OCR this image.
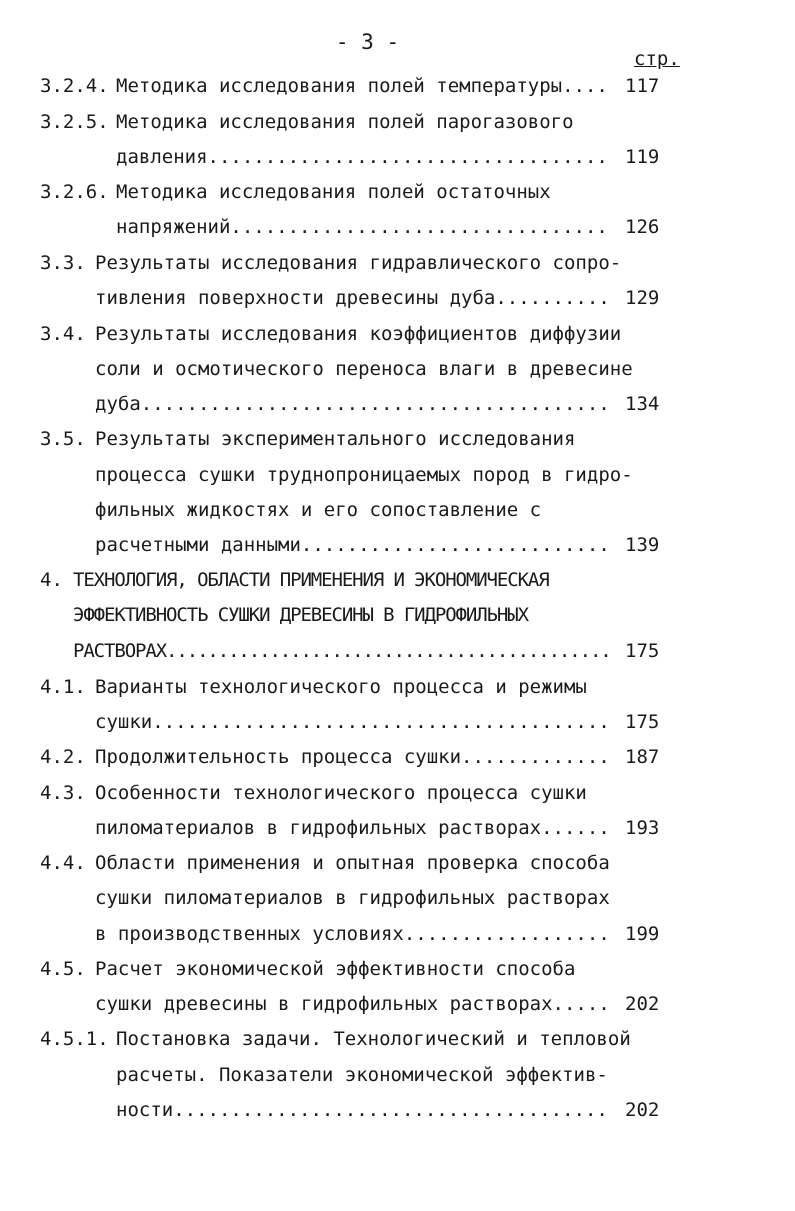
- 3 -
стр.
3.2.4. Методика исследования полей температуры.... 117
3.2.5. Методика исследования полей парогазового
давления................................... 119
3.2.6. Методика исследования полей остаточных
напряжений................................. 126
3.3. Результаты исследования гидравлического сопро-
тивления поверхности древесины дуба.......... 129
3.4. Результаты исследования коэффициентов диффузии
соли и осмотического переноса влаги в древесине
дуба......................................... 134
3.5. Результаты экспериментального исследования
процесса сушки труднопроницаемых пород в гидро-
фильных жидкостях и его сопоставление с
расчетными данными........................... 139
4. ТЕХНОЛОГИЯ, ОБЛАСТИ ПРИМЕНЕНИЯ И ЭКОНОМИЧЕСКАЯ
ЭФФЕКТИВНОСТЬ СУШКИ ДРЕВЕСИНЫ В ГИДРОФИЛЬНЫХ
РАСТВОРАХ........................................... 175
4.1. Варианты технологического процесса и режимы
сушки........................................ 175
4.2. Продолжительность процесса сушки............. 187
4.3. Особенности технологического процесса сушки
пиломатериалов в гидрофильных растворах...... 193
4.4. Области применения и опытная проверка способа
сушки пиломатериалов в гидрофильных растворах
в производственных условиях.................. 199
4.5. Расчет экономической эффективности способа
сушки древесины в гидрофильных растворах..... 202
4.5.1. Постановка задачи. Технологический и тепловой
расчеты. Показатели экономической эффектив-
ности...................................... 202
